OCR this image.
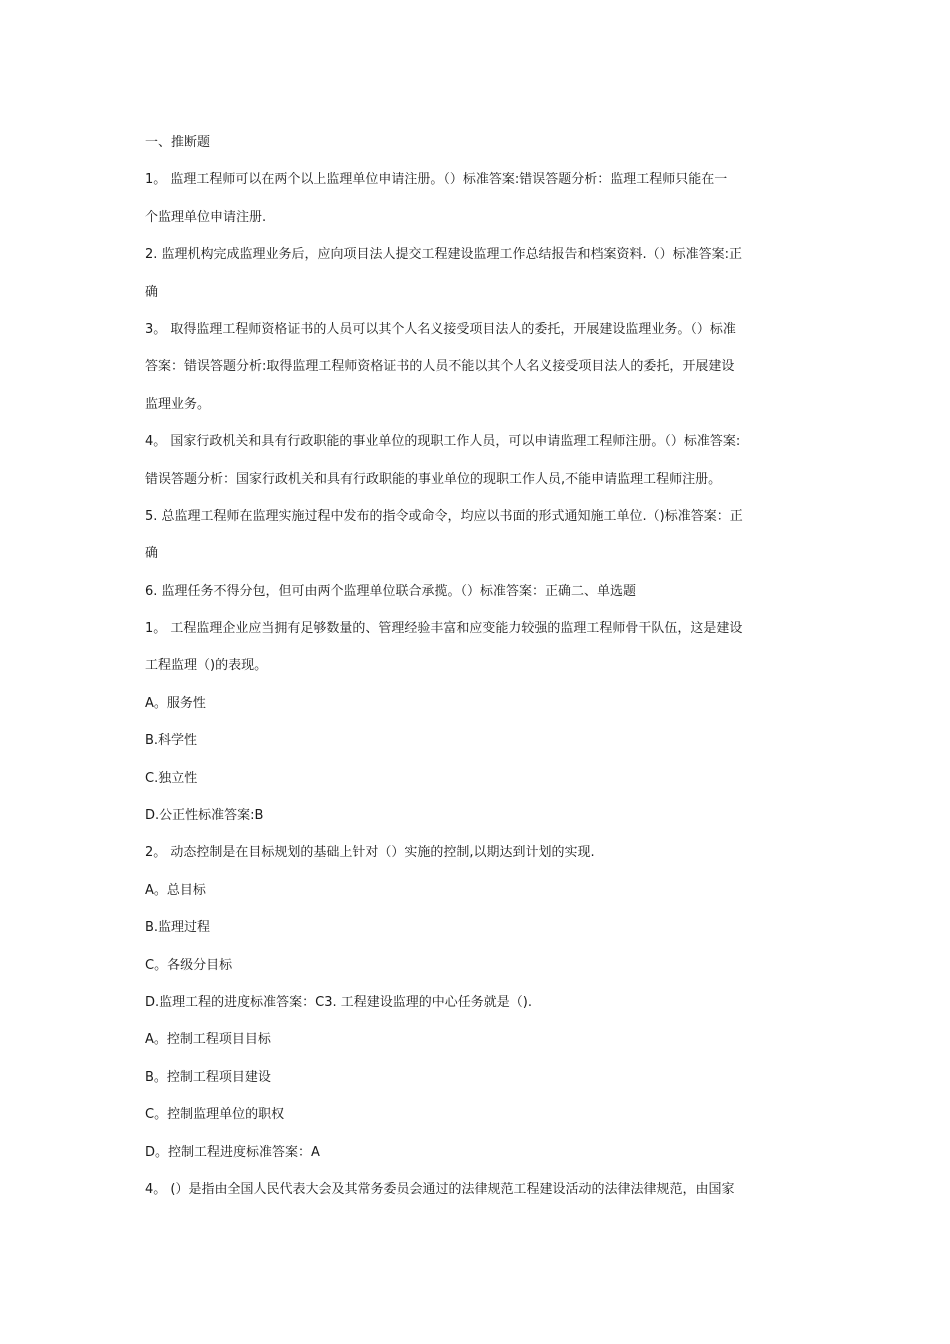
一、推断题
1。 监理工程师可以在两个以上监理单位申请注册。（）标准答案:错误答题分析：监理工程师只能在一
个监理单位申请注册.
2. 监理机构完成监理业务后，应向项目法人提交工程建设监理工作总结报告和档案资料.（）标准答案:正
确
3。 取得监理工程师资格证书的人员可以其个人名义接受项目法人的委托，开展建设监理业务。（）标准
答案：错误答题分析:取得监理工程师资格证书的人员不能以其个人名义接受项目法人的委托，开展建设
监理业务。
4。 国家行政机关和具有行政职能的事业单位的现职工作人员，可以申请监理工程师注册。（）标准答案:
错误答题分析：国家行政机关和具有行政职能的事业单位的现职工作人员,不能申请监理工程师注册。
5. 总监理工程师在监理实施过程中发布的指令或命令，均应以书面的形式通知施工单位.（)标准答案：正
确
6. 监理任务不得分包，但可由两个监理单位联合承揽。（）标准答案：正确二、单选题
1。 工程监理企业应当拥有足够数量的、管理经验丰富和应变能力较强的监理工程师骨干队伍，这是建设
工程监理（)的表现。
A。服务性
B.科学性
C.独立性
D.公正性标准答案:B
2。 动态控制是在目标规划的基础上针对（）实施的控制,以期达到计划的实现.
A。总目标
B.监理过程
C。各级分目标
D.监理工程的进度标准答案：C3. 工程建设监理的中心任务就是（).
A。控制工程项目目标
B。控制工程项目建设
C。控制监理单位的职权
D。控制工程进度标准答案：A
4。 (）是指由全国人民代表大会及其常务委员会通过的法律规范工程建设活动的法律法律规范，由国家
